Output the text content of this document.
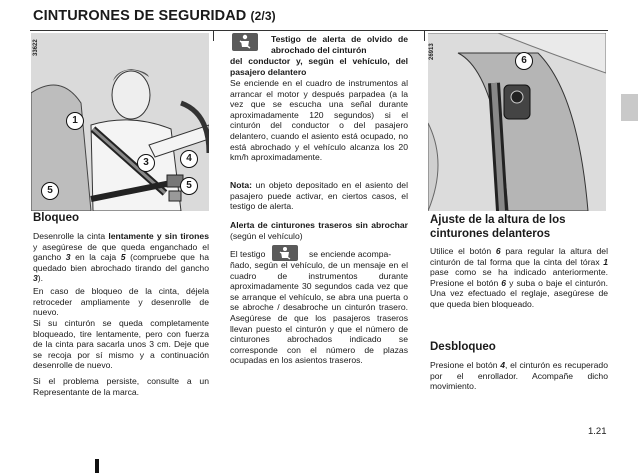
CINTURONES DE SEGURIDAD (2/3)
33622
1
3	4
5	5
Bloqueo
Desenrolle la cinta lentamente y sin tirones y asegúrese de que queda enganchado el gancho 3 en la caja 5 (compruebe que ha quedado bien abrochado tirando del gancho 3).
En caso de bloqueo de la cinta, déjela retroceder ampliamente y desenrolle de nuevo.
Si su cinturón se queda completamente bloqueado, tire lentamente, pero con fuerza de la cinta para sacarla unos 3 cm. Deje que se recoja por sí mismo y a continuación desenrolle de nuevo.
Si el problema persiste, consulte a un Representante de la marca.
Testigo de alerta de olvido de abrochado del cinturón
del conductor y, según el vehículo, del pasajero delantero
Se enciende en el cuadro de instrumentos al arrancar el motor y después parpadea (a la vez que se escucha una señal durante aproximadamente 120 segundos) si el cinturón del conductor o del pasajero delantero, cuando el asiento está ocupado, no está abrochado y el vehículo alcanza los 20 km/h aproximadamente.
Nota: un objeto depositado en el asiento del pasajero puede activar, en ciertos casos, el testigo de alerta.
Alerta de cinturones traseros sin abrochar (según el vehículo)
El testigo	se enciende acompa-
ñado, según el vehículo, de un mensaje en el cuadro de instrumentos durante aproximadamente 30 segundos cada vez que se arranque el vehículo, se abra una puerta o se abroche / desabroche un cinturón trasero. Asegúrese de que los pasajeros traseros llevan puesto el cinturón y que el número de cinturones abrochados indicado se corresponde con el número de plazas ocupadas en los asientos traseros.
26913
6
Ajuste de la altura de los cinturones delanteros
Utilice el botón 6 para regular la altura del cinturón de tal forma que la cinta del tórax 1 pase como se ha indicado anteriormente. Presione el botón 6 y suba o baje el cinturón. Una vez efectuado el reglaje, asegúrese de que queda bien bloqueado.
Desbloqueo
Presione el botón 4, el cinturón es recuperado por el enrollador. Acompañe dicho movimiento.
1.21
